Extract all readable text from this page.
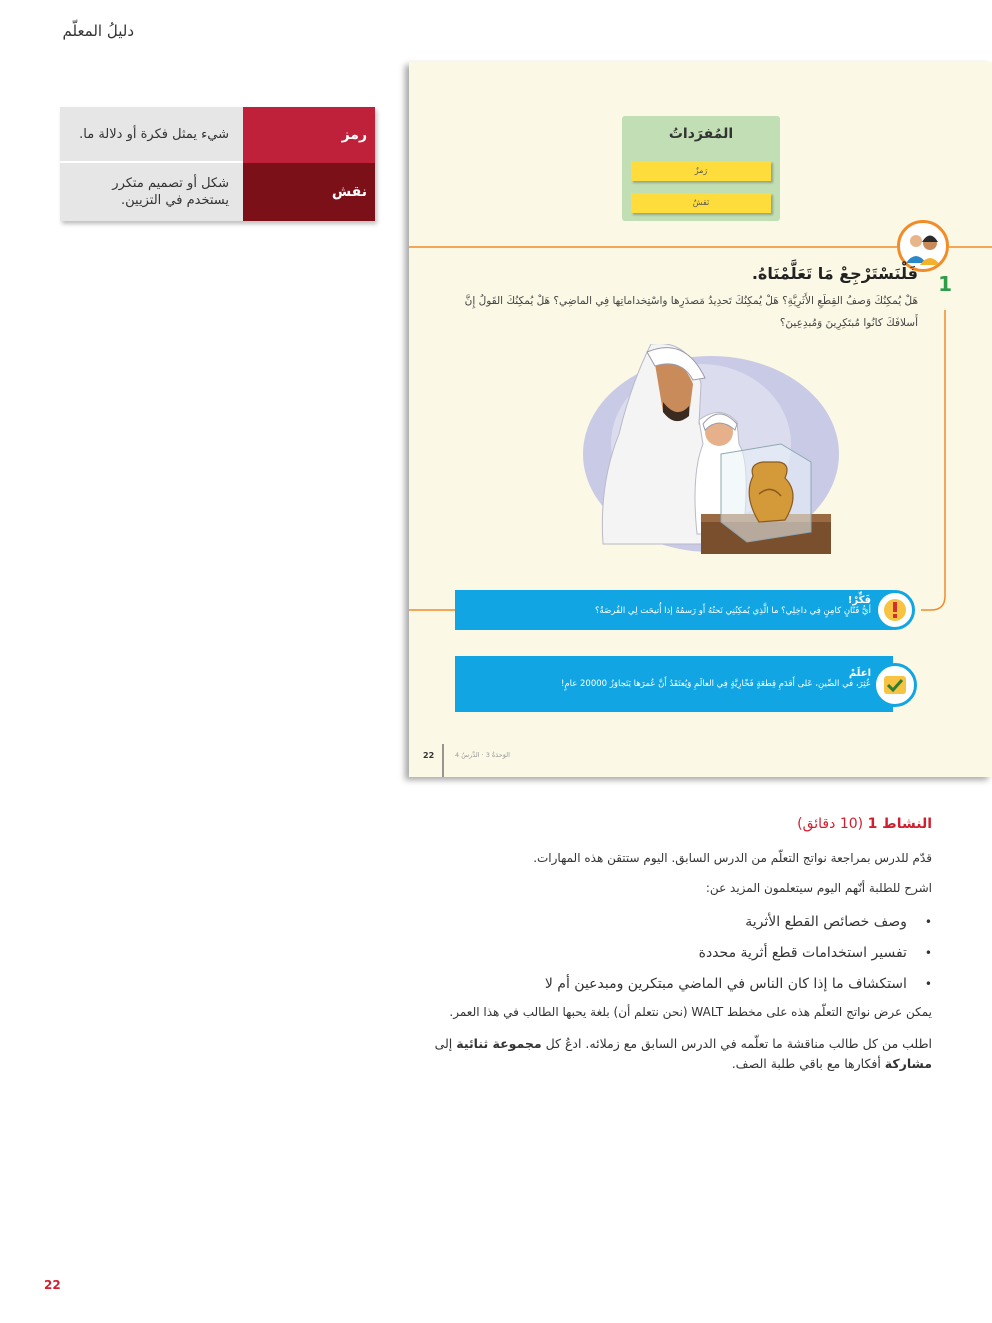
دليلُ المعلّم
شيء يمثل فكرة أو دلالة ما.	رمز
شكل أو تصميم متكرر يستخدم في التزيين.
نقش
المُفرَداتُ
رَمزٌ
نَقشٌ
فَلْنَسْتَرْجِعْ مَا تَعَلَّمْنَاهُ. 1
هَلْ يُمكِنُكَ وَصفُ القِطَعِ الأَثَرِيَّةِ؟ هَلْ يُمكِنُكَ تَحدِيدُ مَصدَرِها واسْتِخداماتِها فِي الماضِي؟ هَلْ يُمكِنُكَ القَولُ إِنَّ أَسلافَكَ كانُوا مُبتَكِرِينَ وَمُبدِعِينَ؟
فَكِّرْ!
أيُّ فَنّانٍ كامِنٍ فِي داخِلِي؟ ما الَّذِي يُمكِنُنِي نَحتُهُ أَو رَسمُهُ إذا أُتيحَت لِي الفُرصَةُ؟
اعلَمْ
عُثِرَ، في الصِّينِ، عَلى أَقدَمِ قِطعَةٍ فَخّارِيَّةٍ فِي العالَمِ وَيُعتَقَدُ أَنَّ عُمرَها يَتَجاوَزُ 20000 عامٍ!
22	الوَحدَةُ 3 · الدَّرسُ 4
النشاط 1 (10 دقائق)
قدّم للدرس بمراجعة نواتج التعلّم من الدرس السابق. اليوم ستتقن هذه المهارات.
اشرح للطلبة أنّهم اليوم سيتعلمون المزيد عن:
•
وصف خصائص القطع الأثرية
•
تفسير استخدامات قطع أثرية محددة
•
استكشاف ما إذا كان الناس في الماضي مبتكرين ومبدعين أم لا
يمكن عرض نواتج التعلّم هذه على مخطط WALT (نحن نتعلم أن) بلغة يحبها الطالب في هذا العمر.
اطلب من كل طالب مناقشة ما تعلّمه في الدرس السابق مع زملائه. ادعُ كل مجموعة ثنائية إلى
مشاركة أفكارها مع باقي طلبة الصف.
22
